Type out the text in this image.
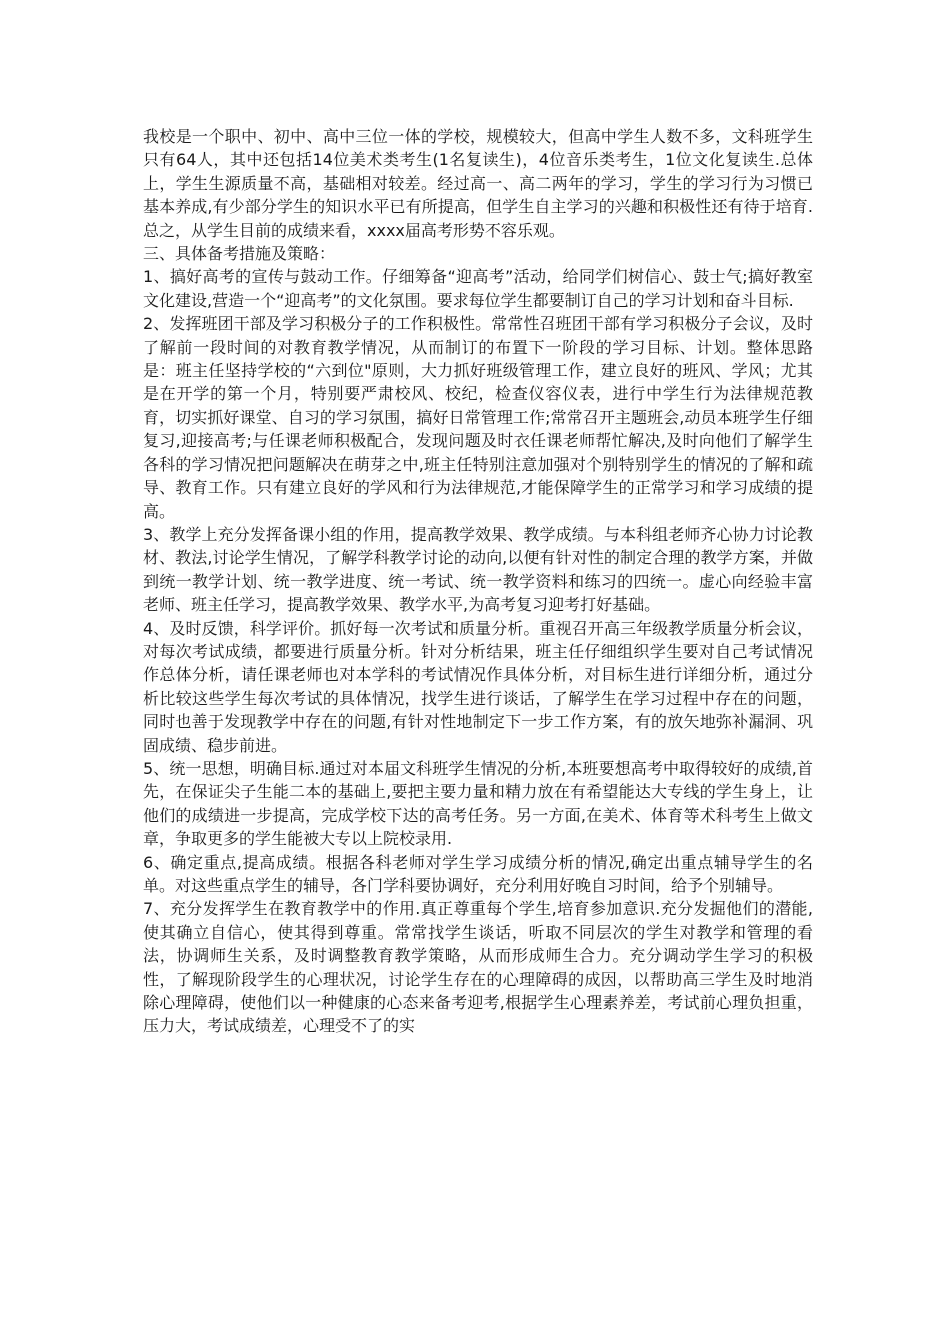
我校是一个职中、初中、高中三位一体的学校，规模较大，但高中学生人数不多，文科班学生只有64人，其中还包括14位美术类考生(1名复读生)，4位音乐类考生，1位文化复读生.总体上，学生生源质量不高，基础相对较差。经过高一、高二两年的学习，学生的学习行为习惯已基本养成,有少部分学生的知识水平已有所提高，但学生自主学习的兴趣和积极性还有待于培育.总之，从学生目前的成绩来看，xxxx届高考形势不容乐观。

三、具体备考措施及策略：

1、搞好高考的宣传与鼓动工作。仔细筹备“迎高考”活动，给同学们树信心、鼓士气;搞好教室文化建设,营造一个“迎高考”的文化氛围。要求每位学生都要制订自己的学习计划和奋斗目标.

2、发挥班团干部及学习积极分子的工作积极性。常常性召班团干部有学习积极分子会议，及时了解前一段时间的对教育教学情况，从而制订的布置下一阶段的学习目标、计划。整体思路是：班主任坚持学校的“六到位"原则，大力抓好班级管理工作，建立良好的班风、学风；尤其是在开学的第一个月，特别要严肃校风、校纪，检查仪容仪表，进行中学生行为法律规范教育，切实抓好课堂、自习的学习氛围，搞好日常管理工作;常常召开主题班会,动员本班学生仔细复习,迎接高考;与任课老师积极配合，发现问题及时衣任课老师帮忙解决,及时向他们了解学生各科的学习情况把问题解决在萌芽之中,班主任特别注意加强对个别特别学生的情况的了解和疏导、教育工作。只有建立良好的学风和行为法律规范,才能保障学生的正常学习和学习成绩的提高。

3、教学上充分发挥备课小组的作用，提高教学效果、教学成绩。与本科组老师齐心协力讨论教材、教法,讨论学生情况，了解学科教学讨论的动向,以便有针对性的制定合理的教学方案，并做到统一教学计划、统一教学进度、统一考试、统一教学资料和练习的四统一。虚心向经验丰富老师、班主任学习，提高教学效果、教学水平,为高考复习迎考打好基础。

4、及时反馈，科学评价。抓好每一次考试和质量分析。重视召开高三年级教学质量分析会议，对每次考试成绩，都要进行质量分析。针对分析结果，班主任仔细组织学生要对自己考试情况作总体分析，请任课老师也对本学科的考试情况作具体分析，对目标生进行详细分析，通过分析比较这些学生每次考试的具体情况，找学生进行谈话，了解学生在学习过程中存在的问题，同时也善于发现教学中存在的问题,有针对性地制定下一步工作方案，有的放矢地弥补漏洞、巩固成绩、稳步前进。

5、统一思想，明确目标.通过对本届文科班学生情况的分析,本班要想高考中取得较好的成绩,首先，在保证尖子生能二本的基础上,要把主要力量和精力放在有希望能达大专线的学生身上，让他们的成绩进一步提高，完成学校下达的高考任务。另一方面,在美术、体育等术科考生上做文章，争取更多的学生能被大专以上院校录用.

6、确定重点,提高成绩。根据各科老师对学生学习成绩分析的情况,确定出重点辅导学生的名单。对这些重点学生的辅导，各门学科要协调好，充分利用好晚自习时间，给予个别辅导。

7、充分发挥学生在教育教学中的作用.真正尊重每个学生,培育参加意识.充分发掘他们的潜能,使其确立自信心，使其得到尊重。常常找学生谈话，听取不同层次的学生对教学和管理的看法，协调师生关系，及时调整教育教学策略，从而形成师生合力。充分调动学生学习的积极性，了解现阶段学生的心理状况，讨论学生存在的心理障碍的成因，以帮助高三学生及时地消除心理障碍，使他们以一种健康的心态来备考迎考,根据学生心理素养差，考试前心理负担重，压力大，考试成绩差，心理受不了的实
